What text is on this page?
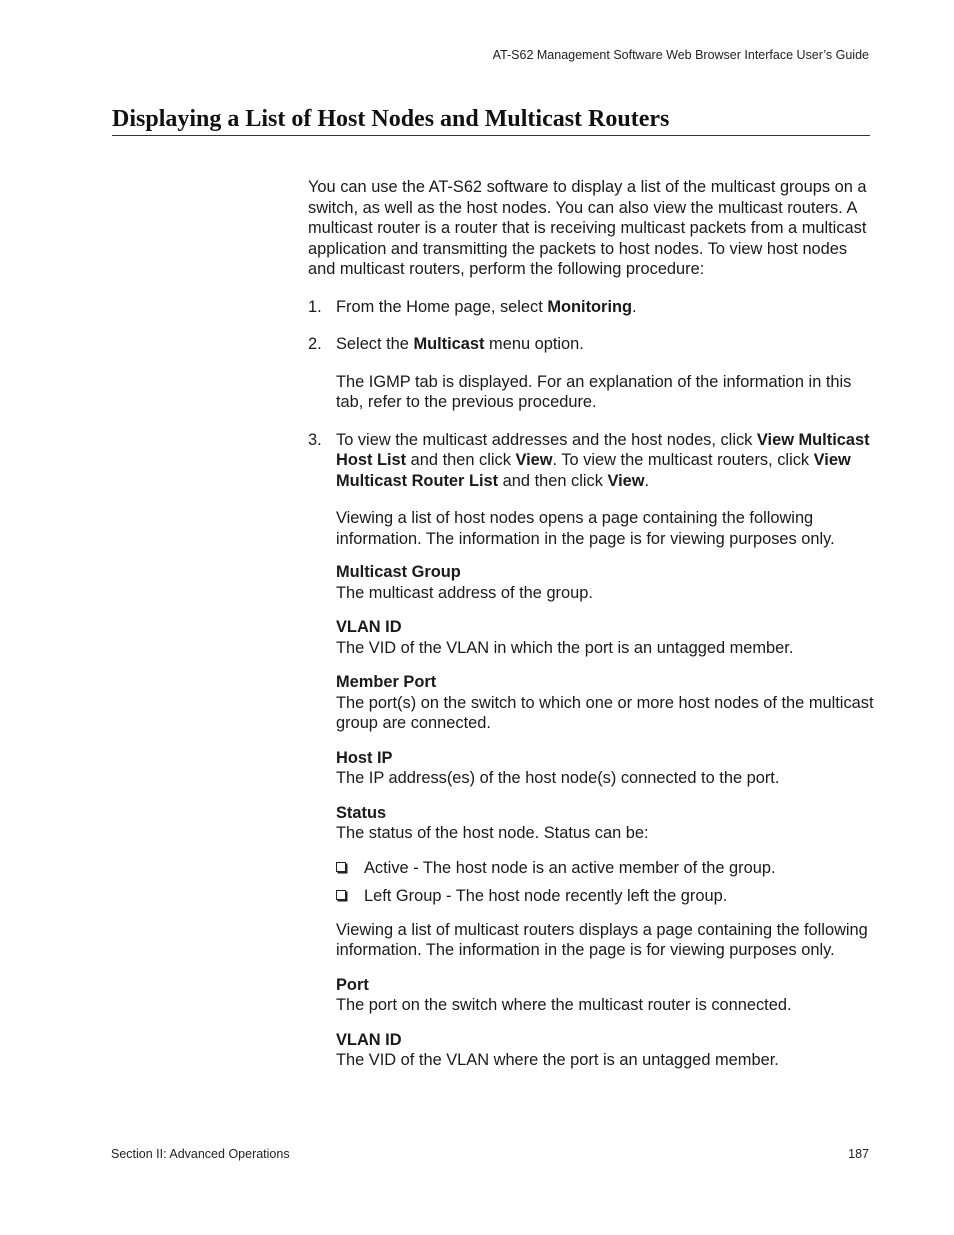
AT-S62 Management Software Web Browser Interface User’s Guide
Displaying a List of Host Nodes and Multicast Routers

You can use the AT-S62 software to display a list of the multicast groups on a switch, as well as the host nodes. You can also view the multicast routers. A multicast router is a router that is receiving multicast packets from a multicast application and transmitting the packets to host nodes. To view host nodes and multicast routers, perform the following procedure:

1. From the Home page, select Monitoring.
2. Select the Multicast menu option.

The IGMP tab is displayed. For an explanation of the information in this tab, refer to the previous procedure.

3. To view the multicast addresses and the host nodes, click View Multicast Host List and then click View. To view the multicast routers, click View Multicast Router List and then click View.

Viewing a list of host nodes opens a page containing the following information. The information in the page is for viewing purposes only.

Multicast Group
The multicast address of the group.
VLAN ID
The VID of the VLAN in which the port is an untagged member.
Member Port
The port(s) on the switch to which one or more host nodes of the multicast group are connected.
Host IP
The IP address(es) of the host node(s) connected to the port.
Status
The status of the host node. Status can be:
Active - The host node is an active member of the group.
Left Group - The host node recently left the group.

Viewing a list of multicast routers displays a page containing the following information. The information in the page is for viewing purposes only.

Port
The port on the switch where the multicast router is connected.
VLAN ID
The VID of the VLAN where the port is an untagged member.
Section II: Advanced Operations	187
